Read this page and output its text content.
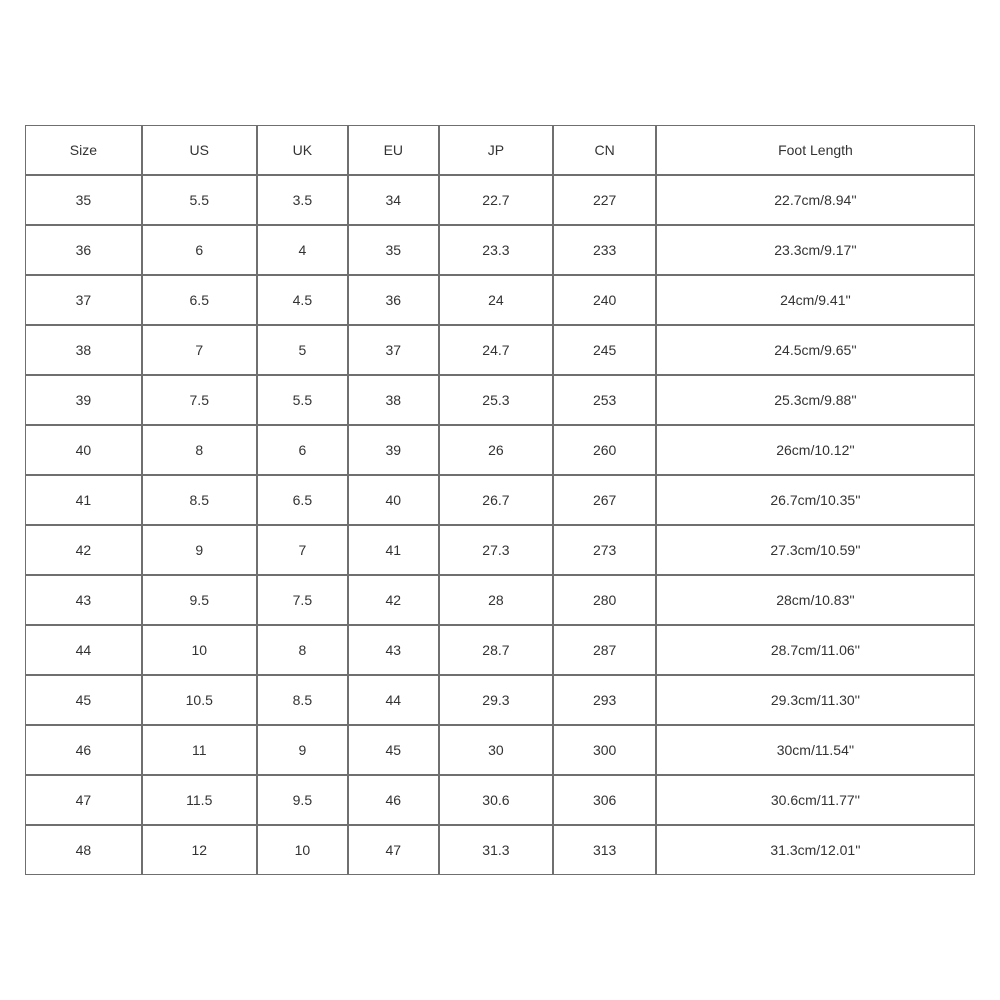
Size	US	UK	EU	JP	CN	Foot Length
35	5.5	3.5	34	22.7	227	22.7cm/8.94''
36	6	4	35	23.3	233	23.3cm/9.17''
37	6.5	4.5	36	24	240	24cm/9.41''
38	7	5	37	24.7	245	24.5cm/9.65''
39	7.5	5.5	38	25.3	253	25.3cm/9.88''
40	8	6	39	26	260	26cm/10.12''
41	8.5	6.5	40	26.7	267	26.7cm/10.35''
42	9	7	41	27.3	273	27.3cm/10.59''
43	9.5	7.5	42	28	280	28cm/10.83''
44	10	8	43	28.7	287	28.7cm/11.06''
45	10.5	8.5	44	29.3	293	29.3cm/11.30''
46	11	9	45	30	300	30cm/11.54''
47	11.5	9.5	46	30.6	306	30.6cm/11.77''
48	12	10	47	31.3	313	31.3cm/12.01''
